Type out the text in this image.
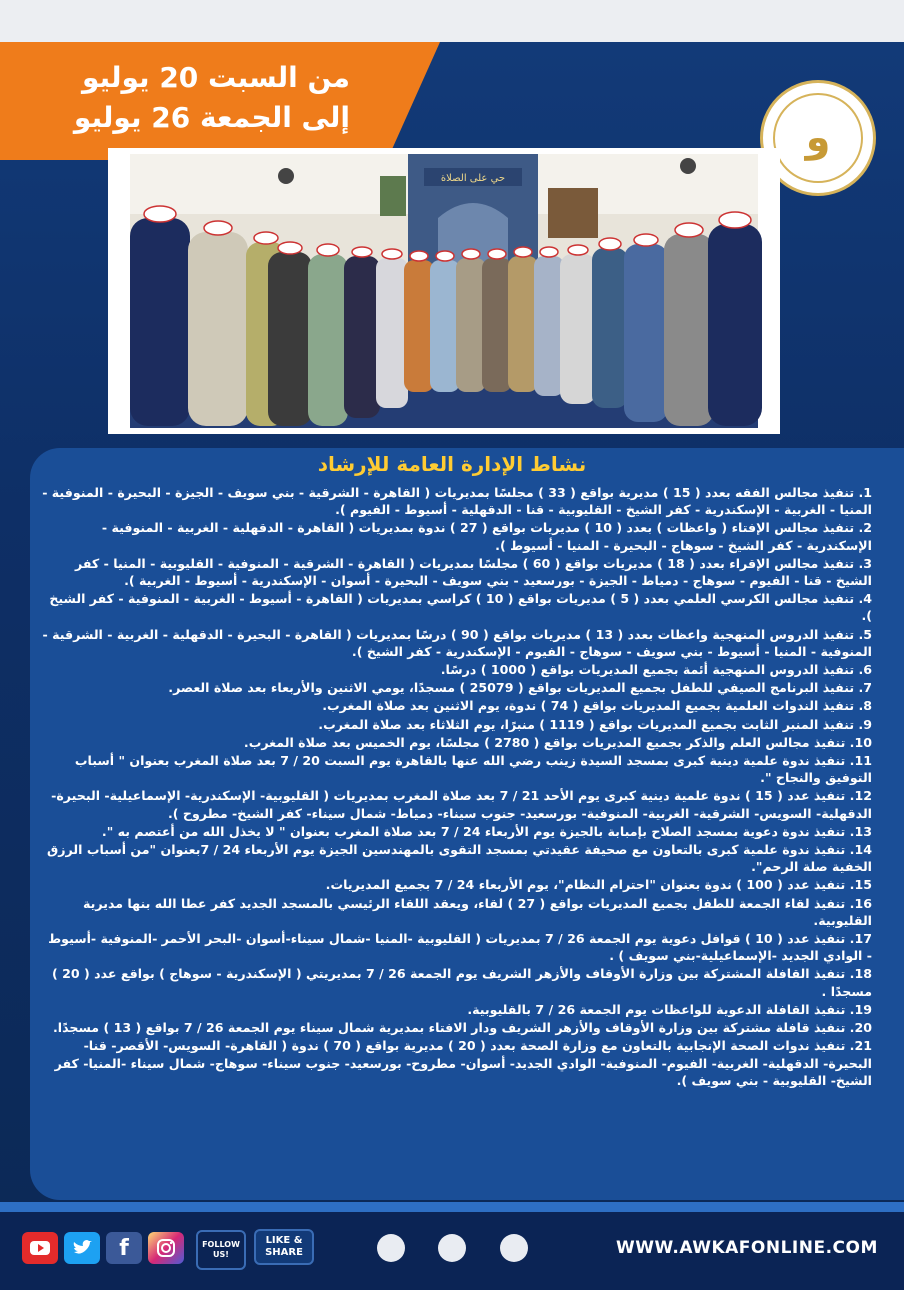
من السبت 20 يوليو
إلى الجمعة 26 يوليو	و
حي على الصلاة
نشاط الإدارة العامة للإرشاد

1. تنفيذ مجالس الفقه بعدد ( 15 ) مديرية بواقع ( 33 ) مجلسًا بمديريات ( القاهرة - الشرقية - بني سويف - الجيزة - البحيرة - المنوفية - المنيا - الغربية - الإسكندرية - كفر الشيخ - القليوبية - قنا - الدقهلية - أسيوط - الفيوم ).

2. تنفيذ مجالس الإفتاء ( واعظات ) بعدد ( 10 ) مديريات بواقع ( 27 ) ندوة بمديريات ( القاهرة - الدقهلية - الغربية - المنوفية - الإسكندرية - كفر الشيخ - سوهاج - البحيرة - المنيا - أسيوط ).

3. تنفيذ مجالس الإقراء بعدد ( 18 ) مديريات بواقع ( 60 ) مجلسًا بمديريات ( القاهرة - الشرقية - المنوفية - القليوبية - المنيا - كفر الشيخ - قنا - الفيوم - سوهاج - دمياط - الجيزة - بورسعيد - بني سويف - البحيرة - أسوان - الإسكندرية - أسيوط - الغربية ).

4. تنفيذ مجالس الكرسي العلمي بعدد ( 5 ) مديريات بواقع ( 10 ) كراسي بمديريات ( القاهرة - أسيوط - الغربية - المنوفية - كفر الشيخ ).

5. تنفيذ الدروس المنهجية واعظات بعدد ( 13 ) مديريات بواقع ( 90 ) درسًا بمديريات ( القاهرة - البحيرة - الدقهلية - الغربية - الشرقية - المنوفية - المنيا - أسيوط - بني سويف - سوهاج - الفيوم - الإسكندرية - كفر الشيخ ).

6. تنفيذ الدروس المنهجية أئمة بجميع المديريات بواقع ( 1000 ) درسًا.

7. تنفيذ البرنامج الصيفي للطفل بجميع المديريات بواقع ( 25079 ) مسجدًا، يومي الاثنين والأربعاء بعد صلاة العصر.

8. تنفيذ الندوات العلمية بجميع المديريات بواقع ( 74 ) ندوة، يوم الاثنين بعد صلاة المغرب.

9. تنفيذ المنبر الثابت بجميع المديريات بواقع ( 1119 ) منبرًا، يوم الثلاثاء بعد صلاة المغرب.

10. تنفيذ مجالس العلم والذكر بجميع المديريات بواقع ( 2780 ) مجلسًا، يوم الخميس بعد صلاة المغرب.

11. تنفيذ ندوة علمية دينية كبرى بمسجد السيدة زينب رضي الله عنها بالقاهرة يوم السبت 20 / 7 بعد صلاة المغرب بعنوان " أسباب التوفيق والنجاح ".

12. تنفيذ عدد ( 15 ) ندوة علمية دينية كبرى يوم الأحد 21 / 7 بعد صلاة المغرب بمديريات ( القليوبية- الإسكندرية- الإسماعيلية- البحيرة- الدقهلية- السويس- الشرقية- الغربية- المنوفية- بورسعيد- جنوب سيناء- دمياط- شمال سيناء- كفر الشيخ- مطروح ).

13. تنفيذ ندوة دعوية بمسجد الصلاح بإمبابة بالجيزة يوم الأربعاء 24 / 7 بعد صلاة المغرب بعنوان " لا يخذل الله من أعتصم به ".

14. تنفيذ ندوة علمية كبرى بالتعاون مع صحيفة عقيدتي بمسجد التقوى بالمهندسين الجيزة يوم الأربعاء 24 / 7بعنوان "من أسباب الرزق الخفية صلة الرحم".

15. تنفيذ عدد ( 100 ) ندوة بعنوان "احترام النظام"، يوم الأربعاء 24 / 7 بجميع المديريات.

16. تنفيذ لقاء الجمعة للطفل بجميع المديريات بواقع ( 27 ) لقاء، ويعقد اللقاء الرئيسي بالمسجد الجديد كفر عطا الله بنها مديرية القليوبية.

17. تنفيذ عدد ( 10 ) قوافل دعوية يوم الجمعة 26 / 7 بمديريات ( القليوبية -المنيا -شمال سيناء-أسوان -البحر الأحمر -المنوفية -أسيوط - الوادي الجديد -الإسماعيلية-بني سويف ) .

18. تنفيذ القافلة المشتركة بين وزارة الأوقاف والأزهر الشريف يوم الجمعة 26 / 7 بمديريتي ( الإسكندرية - سوهاج ) بواقع عدد ( 20 ) مسجدًا .

19. تنفيذ القافلة الدعوية للواعظات يوم الجمعة 26 / 7 بالقليوبية.

20. تنفيذ قافلة مشتركة بين وزارة الأوقاف والأزهر الشريف ودار الافتاء بمديرية شمال سيناء يوم الجمعة 26 / 7 بواقع ( 13 ) مسجدًا.

21. تنفيذ ندوات الصحة الإنجابية بالتعاون مع وزارة الصحة بعدد ( 20 ) مديرية بواقع ( 70 ) ندوة ( القاهرة- السويس- الأقصر- قنا- البحيرة- الدقهلية- الغربية- الفيوم- المنوفية- الوادي الجديد- أسوان- مطروح- بورسعيد- جنوب سيناء- سوهاج- شمال سيناء -المنيا- كفر الشيخ- القليوبية - بني سويف ).

f	FOLLOW US!
LIKE & SHARE	WWW.AWKAFONLINE.COM
